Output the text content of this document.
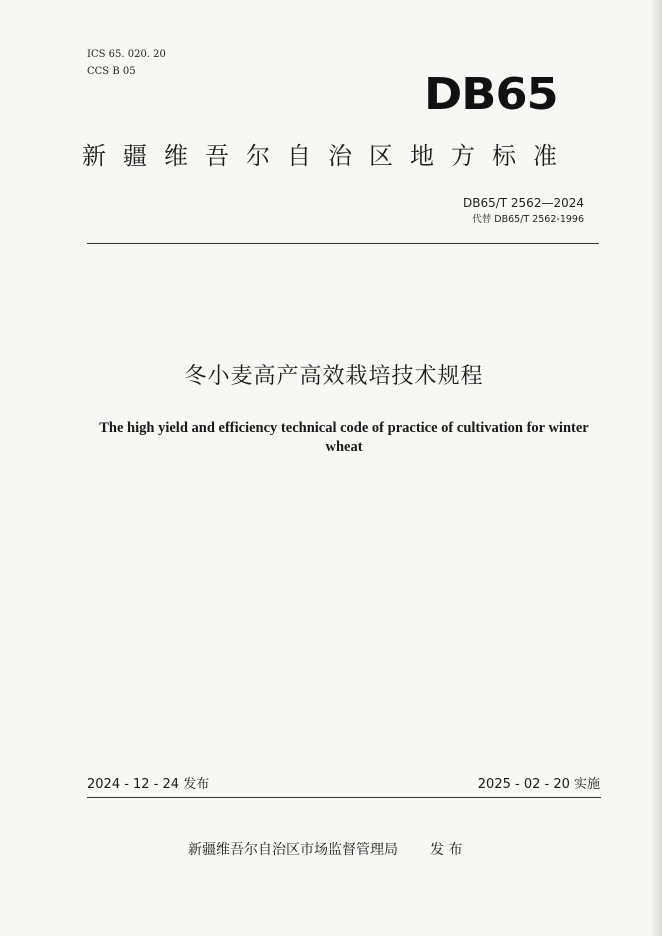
ICS 65. 020. 20
CCS B 05	DB65
新疆维吾尔自治区地方标准
DB65/T 2562—2024
代替 DB65/T 2562-1996
冬小麦高产高效栽培技术规程
The high yield and efficiency technical code of practice of cultivation for winter wheat
2024 - 12 - 24 发布	2025 - 02 - 20 实施
新疆维吾尔自治区市场监督管理局 发 布
